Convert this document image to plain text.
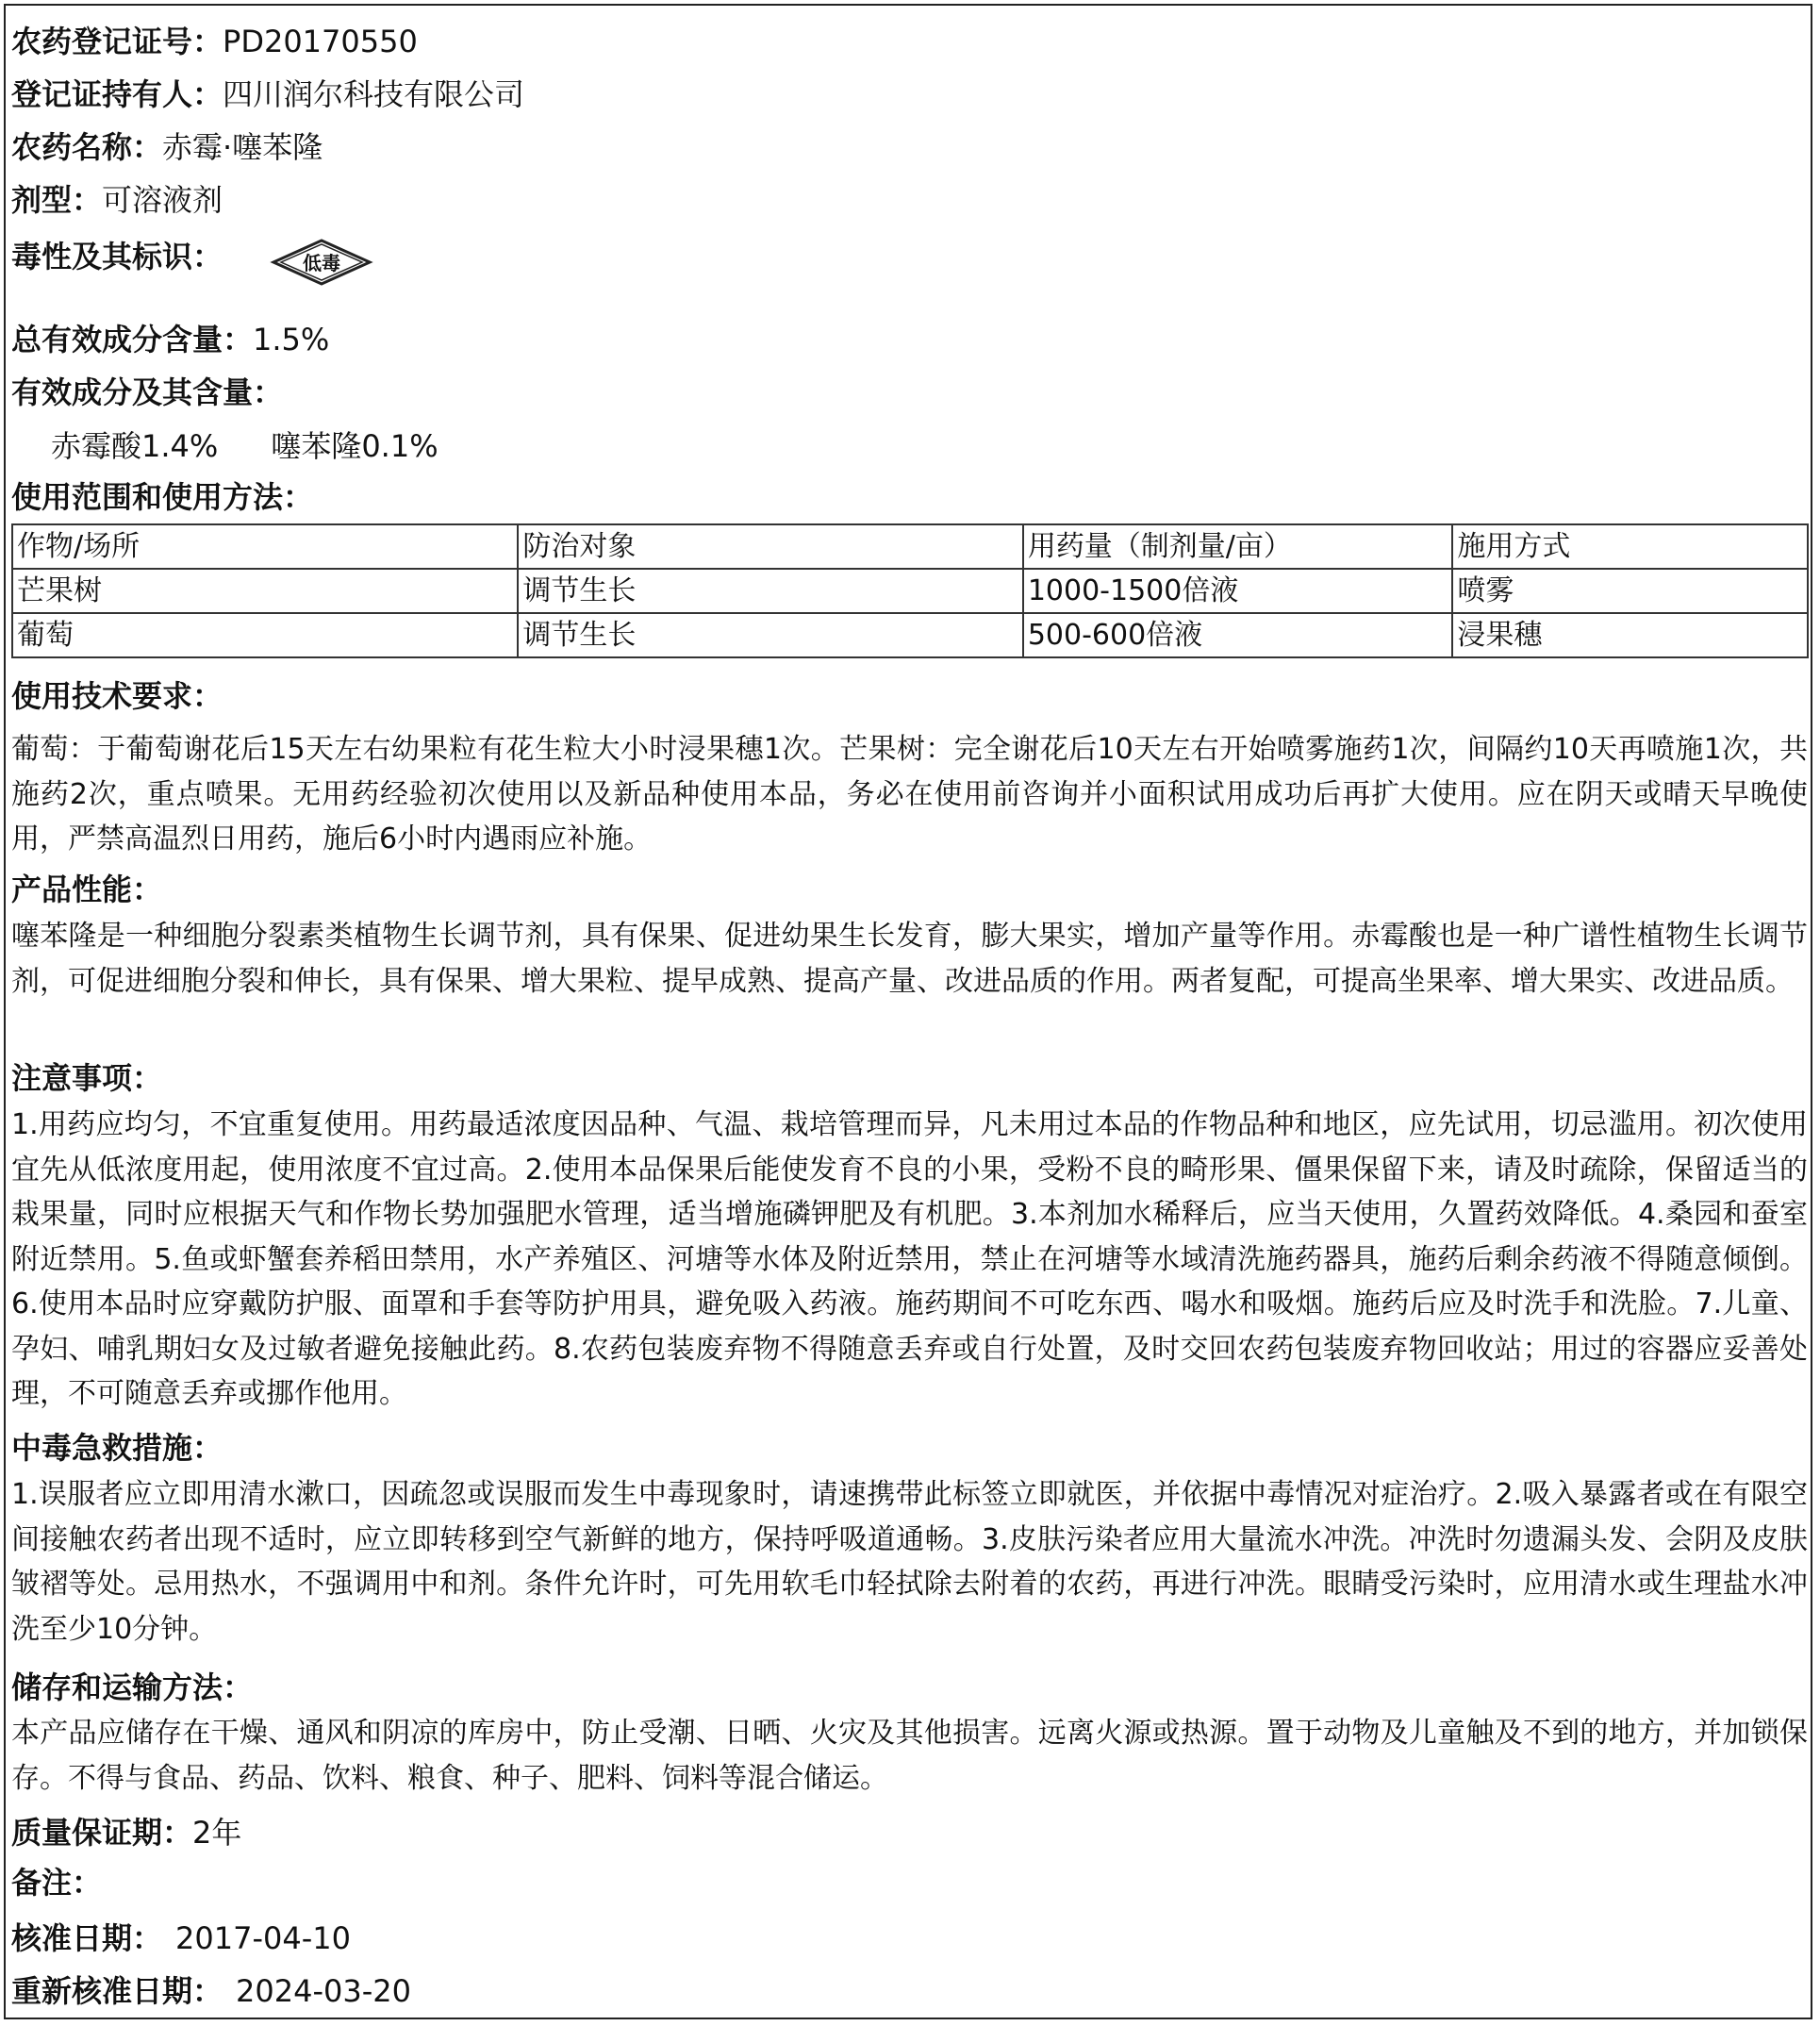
农药登记证号：PD20170550
登记证持有人：四川润尔科技有限公司
农药名称：赤霉·噻苯隆
剂型：可溶液剂
毒性及其标识：	低毒
总有效成分含量：1.5%
有效成分及其含量：
赤霉酸1.4% 噻苯隆0.1%
使用范围和使用方法：
作物/场所	防治对象	用药量（制剂量/亩）	施用方式
芒果树	调节生长	1000-1500倍液	喷雾
葡萄	调节生长	500-600倍液	浸果穗
使用技术要求：
葡萄：于葡萄谢花后15天左右幼果粒有花生粒大小时浸果穗1次。芒果树：完全谢花后10天左右开始喷雾施药1次，间隔约10天再喷施1次，共施药2次，重点喷果。无用药经验初次使用以及新品种使用本品，务必在使用前咨询并小面积试用成功后再扩大使用。应在阴天或晴天早晚使用，严禁高温烈日用药，施后6小时内遇雨应补施。
产品性能：
噻苯隆是一种细胞分裂素类植物生长调节剂，具有保果、促进幼果生长发育，膨大果实，增加产量等作用。赤霉酸也是一种广谱性植物生长调节剂，可促进细胞分裂和伸长，具有保果、增大果粒、提早成熟、提高产量、改进品质的作用。两者复配，可提高坐果率、增大果实、改进品质。
注意事项：
1.用药应均匀，不宜重复使用。用药最适浓度因品种、气温、栽培管理而异，凡未用过本品的作物品种和地区，应先试用，切忌滥用。初次使用宜先从低浓度用起，使用浓度不宜过高。2.使用本品保果后能使发育不良的小果，受粉不良的畸形果、僵果保留下来，请及时疏除，保留适当的栽果量，同时应根据天气和作物长势加强肥水管理，适当增施磷钾肥及有机肥。3.本剂加水稀释后，应当天使用，久置药效降低。4.桑园和蚕室附近禁用。5.鱼或虾蟹套养稻田禁用，水产养殖区、河塘等水体及附近禁用，禁止在河塘等水域清洗施药器具，施药后剩余药液不得随意倾倒。6.使用本品时应穿戴防护服、面罩和手套等防护用具，避免吸入药液。施药期间不可吃东西、喝水和吸烟。施药后应及时洗手和洗脸。7.儿童、孕妇、哺乳期妇女及过敏者避免接触此药。8.农药包装废弃物不得随意丢弃或自行处置，及时交回农药包装废弃物回收站；用过的容器应妥善处理，不可随意丢弃或挪作他用。
中毒急救措施：
1.误服者应立即用清水漱口，因疏忽或误服而发生中毒现象时，请速携带此标签立即就医，并依据中毒情况对症治疗。2.吸入暴露者或在有限空间接触农药者出现不适时，应立即转移到空气新鲜的地方，保持呼吸道通畅。3.皮肤污染者应用大量流水冲洗。冲洗时勿遗漏头发、会阴及皮肤皱褶等处。忌用热水，不强调用中和剂。条件允许时，可先用软毛巾轻拭除去附着的农药，再进行冲洗。眼睛受污染时，应用清水或生理盐水冲洗至少10分钟。
储存和运输方法：
本产品应储存在干燥、通风和阴凉的库房中，防止受潮、日晒、火灾及其他损害。远离火源或热源。置于动物及儿童触及不到的地方，并加锁保存。不得与食品、药品、饮料、粮食、种子、肥料、饲料等混合储运。
质量保证期：2年
备注：
核准日期： 2017-04-10
重新核准日期： 2024-03-20
